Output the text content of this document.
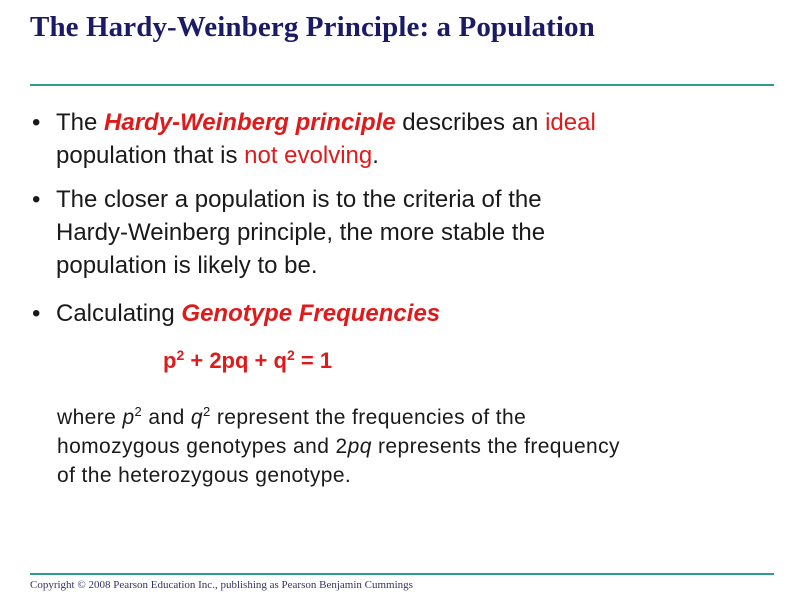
The Hardy-Weinberg Principle: a Population
• The Hardy-Weinberg principle describes an ideal
population that is not evolving.
• The closer a population is to the criteria of the
Hardy-Weinberg principle, the more stable the
population is likely to be.
• Calculating Genotype Frequencies
$p^2 + 2pq + q^2 = 1$
where $p^2$ and $q^2$ represent the frequencies of the
homozygous genotypes and 2pq represents the frequency
of the heterozygous genotype.
Copyright © 2008 Pearson Education Inc., publishing as Pearson Benjamin Cummings
